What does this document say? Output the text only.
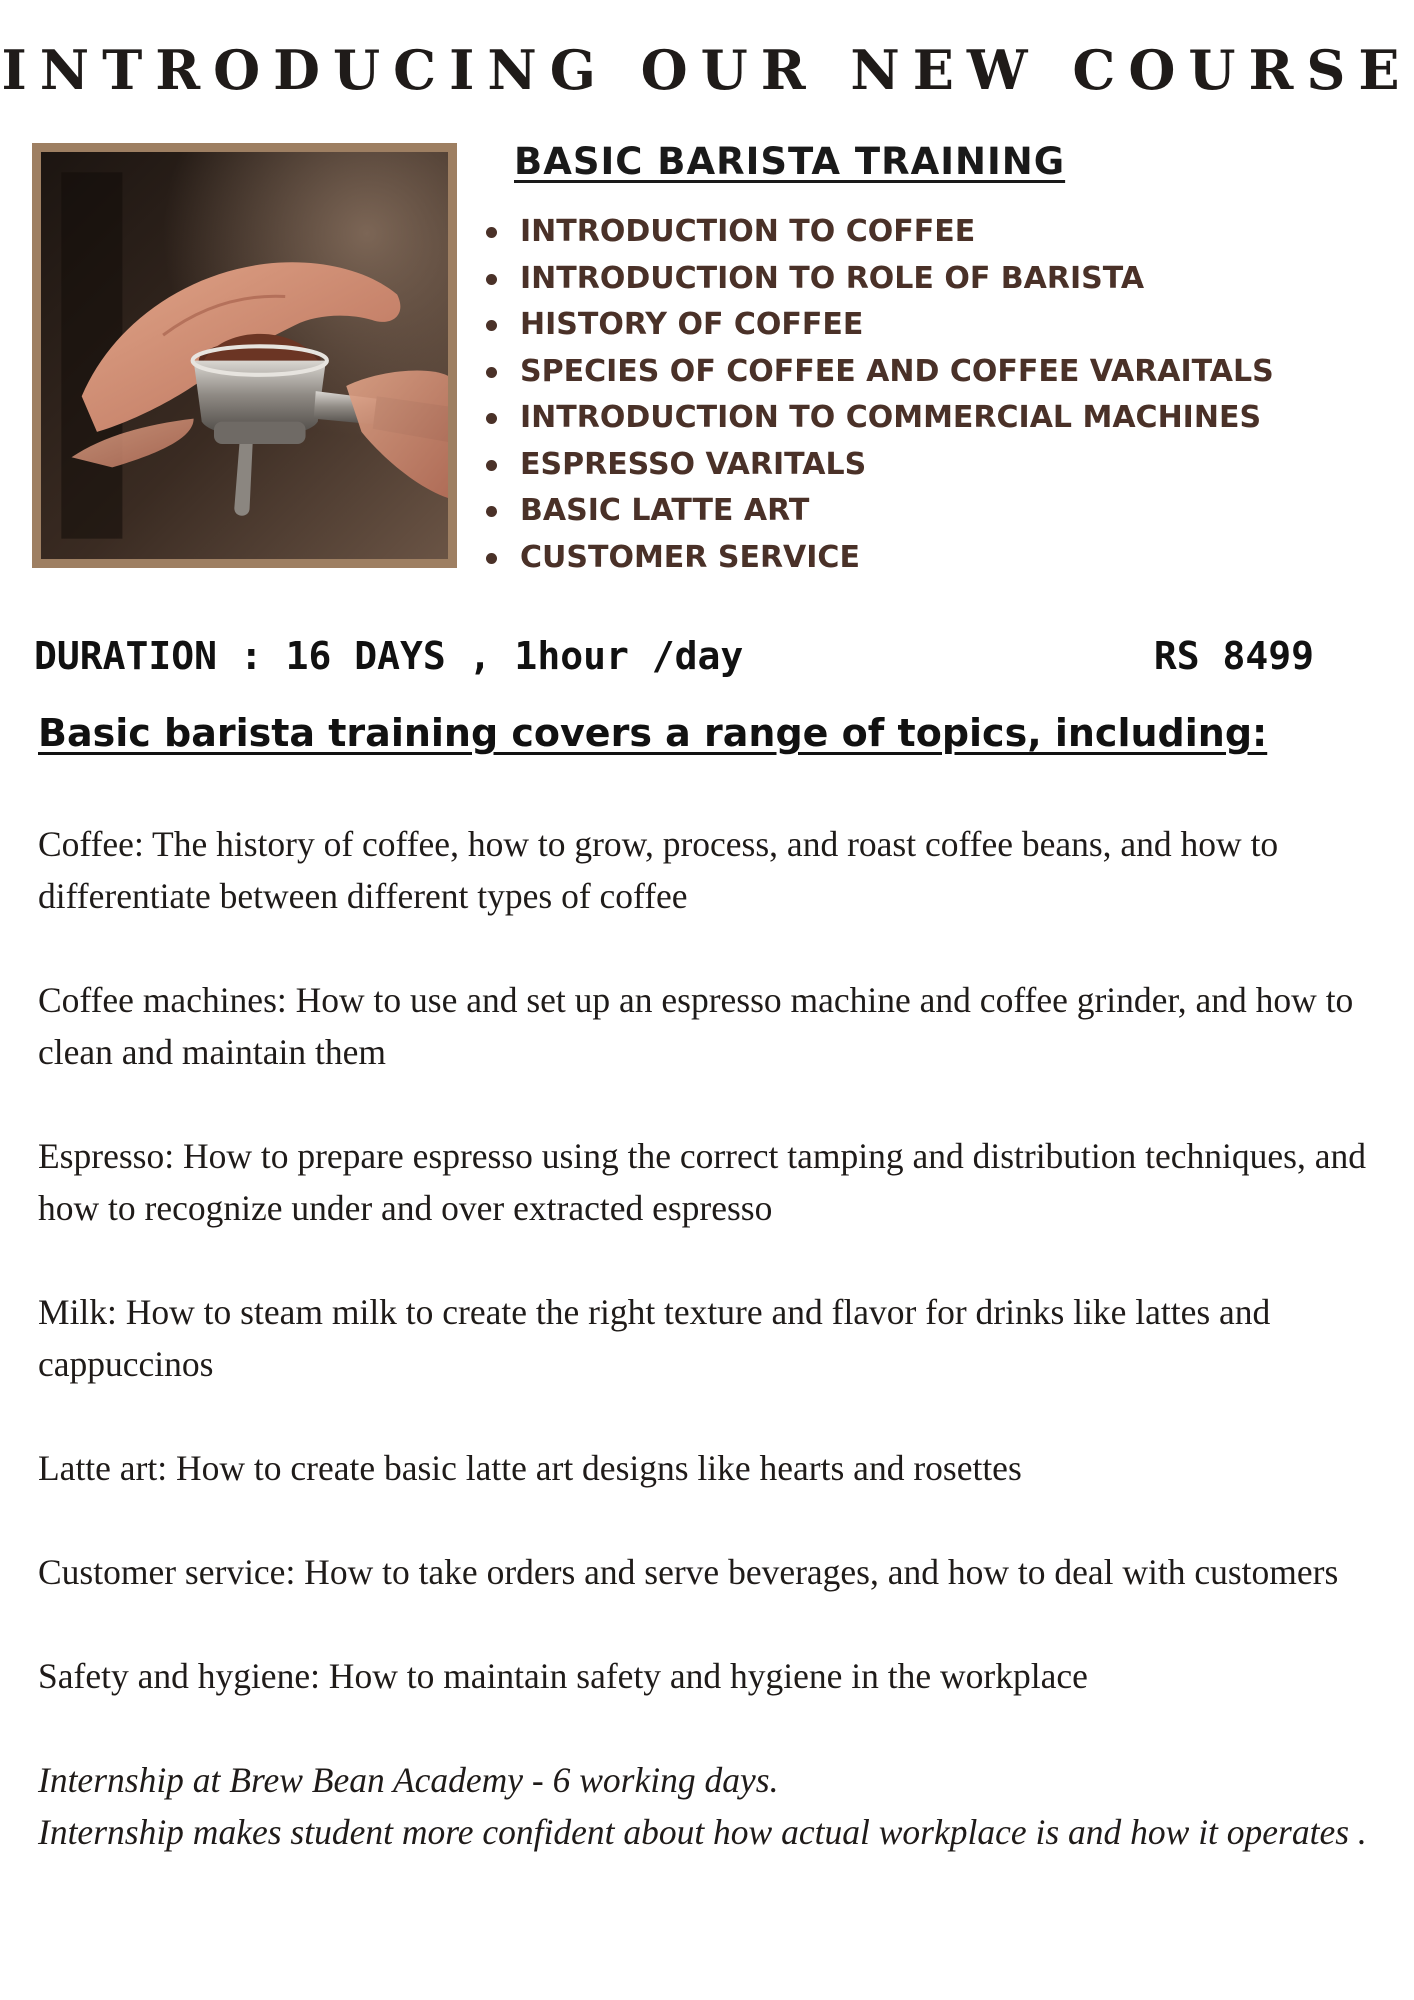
INTRODUCING OUR NEW COURSE
BASIC BARISTA TRAINING
INTRODUCTION TO COFFEE
INTRODUCTION TO ROLE OF BARISTA
HISTORY OF COFFEE
SPECIES OF COFFEE AND COFFEE VARAITALS
INTRODUCTION TO COMMERCIAL MACHINES
ESPRESSO VARITALS
BASIC LATTE ART
CUSTOMER SERVICE
DURATION : 16 DAYS , 1hour /day	RS 8499
Basic barista training covers a range of topics, including:

Coffee: The history of coffee, how to grow, process, and roast coffee beans, and how to differentiate between different types of coffee

Coffee machines: How to use and set up an espresso machine and coffee grinder, and how to clean and maintain them

Espresso: How to prepare espresso using the correct tamping and distribution techniques, and how to recognize under and over extracted espresso

Milk: How to steam milk to create the right texture and flavor for drinks like lattes and cappuccinos

Latte art: How to create basic latte art designs like hearts and rosettes

Customer service: How to take orders and serve beverages, and how to deal with customers

Safety and hygiene: How to maintain safety and hygiene in the workplace

Internship at Brew Bean Academy - 6 working days.

Internship makes student more confident about how actual workplace is and how it operates .
